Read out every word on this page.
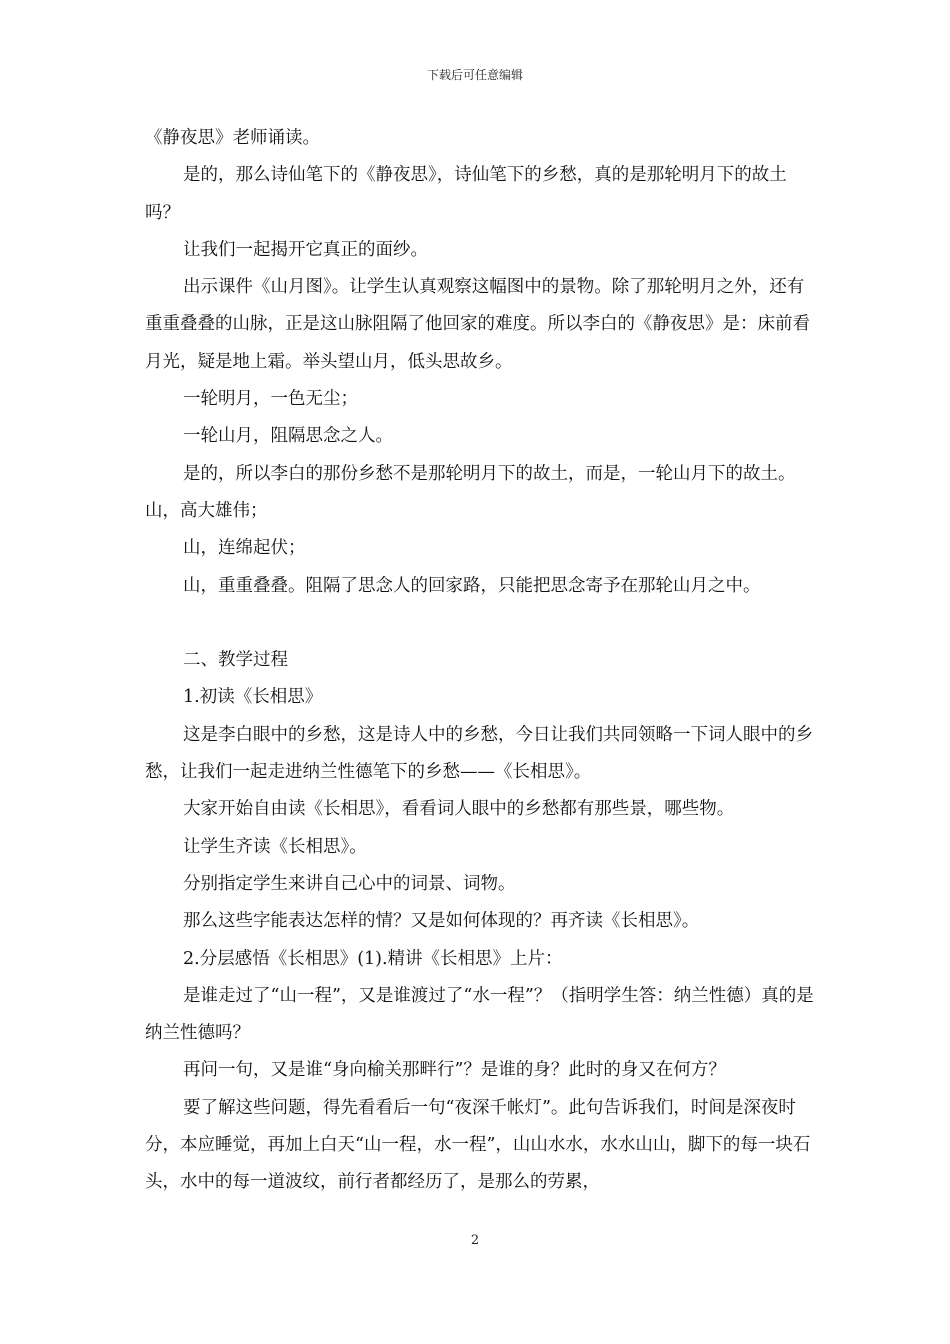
下载后可任意编辑

《静夜思》老师诵读。

是的，那么诗仙笔下的《静夜思》，诗仙笔下的乡愁，真的是那轮明月下的故土吗？

让我们一起揭开它真正的面纱。

出示课件《山月图》。让学生认真观察这幅图中的景物。除了那轮明月之外，还有重重叠叠的山脉，正是这山脉阻隔了他回家的难度。所以李白的《静夜思》是：床前看月光，疑是地上霜。举头望山月，低头思故乡。

一轮明月，一色无尘；

一轮山月，阻隔思念之人。

是的，所以李白的那份乡愁不是那轮明月下的故土，而是，一轮山月下的故土。山，高大雄伟；

山，连绵起伏；

山，重重叠叠。阻隔了思念人的回家路，只能把思念寄予在那轮山月之中。

二、教学过程

1.初读《长相思》

这是李白眼中的乡愁，这是诗人中的乡愁，今日让我们共同领略一下词人眼中的乡愁，让我们一起走进纳兰性德笔下的乡愁——《长相思》。

大家开始自由读《长相思》，看看词人眼中的乡愁都有那些景，哪些物。

让学生齐读《长相思》。

分别指定学生来讲自己心中的词景、词物。

那么这些字能表达怎样的情？又是如何体现的？再齐读《长相思》。

2.分层感悟《长相思》(1).精讲《长相思》上片：

是谁走过了“山一程”，又是谁渡过了“水一程”？（指明学生答：纳兰性德）真的是纳兰性德吗？

再问一句，又是谁“身向榆关那畔行”？是谁的身？此时的身又在何方？

要了解这些问题，得先看看后一句“夜深千帐灯”。此句告诉我们，时间是深夜时分，本应睡觉，再加上白天“山一程，水一程”，山山水水，水水山山，脚下的每一块石头，水中的每一道波纹，前行者都经历了，是那么的劳累，

2
